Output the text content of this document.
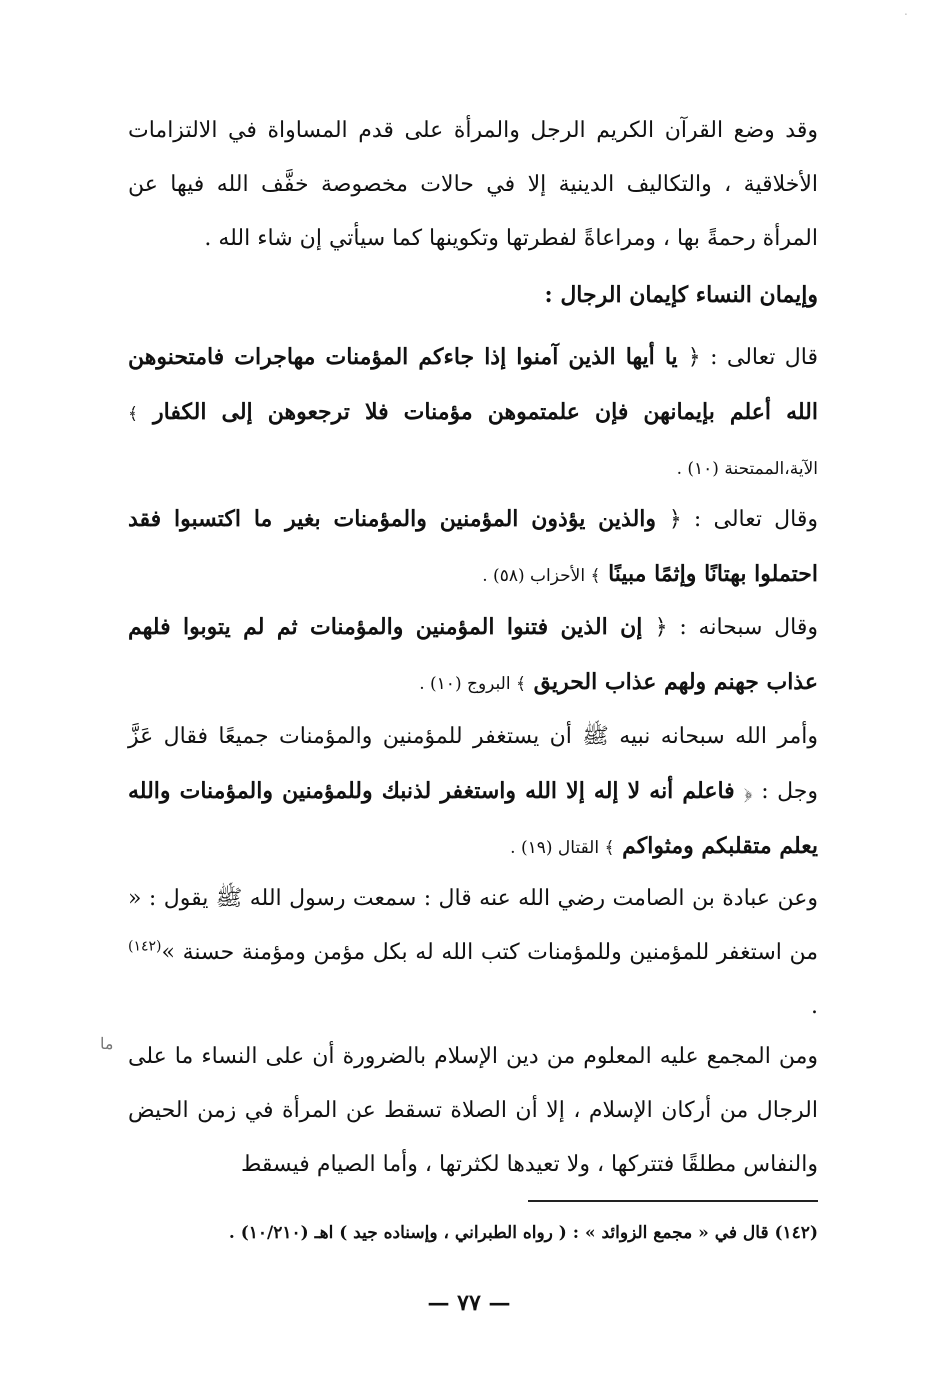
.
وقد وضع القرآن الكريم الرجل والمرأة على قدم المساواة في الالتزامات الأخلاقية ، والتكاليف الدينية إلا في حالات مخصوصة خفَّف الله فيها عن المرأة رحمةً بها ، ومراعاةً لفطرتها وتكوينها كما سيأتي إن شاء الله .
وإيمان النساء كإيمان الرجال :
قال تعالى : ﴿ يا أيها الذين آمنوا إذا جاءكم المؤمنات مهاجرات فامتحنوهن الله أعلم بإيمانهن فإن علمتموهن مؤمنات فلا ترجعوهن إلى الكفار ﴾ الآية،الممتحنة (١٠) .
وقال تعالى : ﴿ والذين يؤذون المؤمنين والمؤمنات بغير ما اكتسبوا فقد احتملوا بهتانًا وإثمًا مبينًا ﴾ الأحزاب (٥٨) .
وقال سبحانه : ﴿ إن الذين فتنوا المؤمنين والمؤمنات ثم لم يتوبوا فلهم عذاب جهنم ولهم عذاب الحريق ﴾ البروج (١٠) .
وأمر الله سبحانه نبيه ﷺ أن يستغفر للمؤمنين والمؤمنات جميعًا فقال عَزَّ وجل : ﴿ فاعلم أنه لا إله إلا الله واستغفر لذنبك وللمؤمنين والمؤمنات والله يعلم متقلبكم ومثواكم ﴾ القتال (١٩) .
وعن عبادة بن الصامت رضي الله عنه قال : سمعت رسول الله ﷺ يقول : « من استغفر للمؤمنين وللمؤمنات كتب الله له بكل مؤمن ومؤمنة حسنة »$^{(١٤٢)}$ .
ما
ومن المجمع عليه المعلوم من دين الإسلام بالضرورة أن على النساء ما على الرجال من أركان الإسلام ، إلا أن الصلاة تسقط عن المرأة في زمن الحيض والنفاس مطلقًا فتتركها ، ولا تعيدها لكثرتها ، وأما الصيام فيسقط
(١٤٢) قال في « مجمع الزوائد » : ( رواه الطبراني ، وإسناده جيد ) اهـ (١٠/٢١٠) .
— ٧٧ —
